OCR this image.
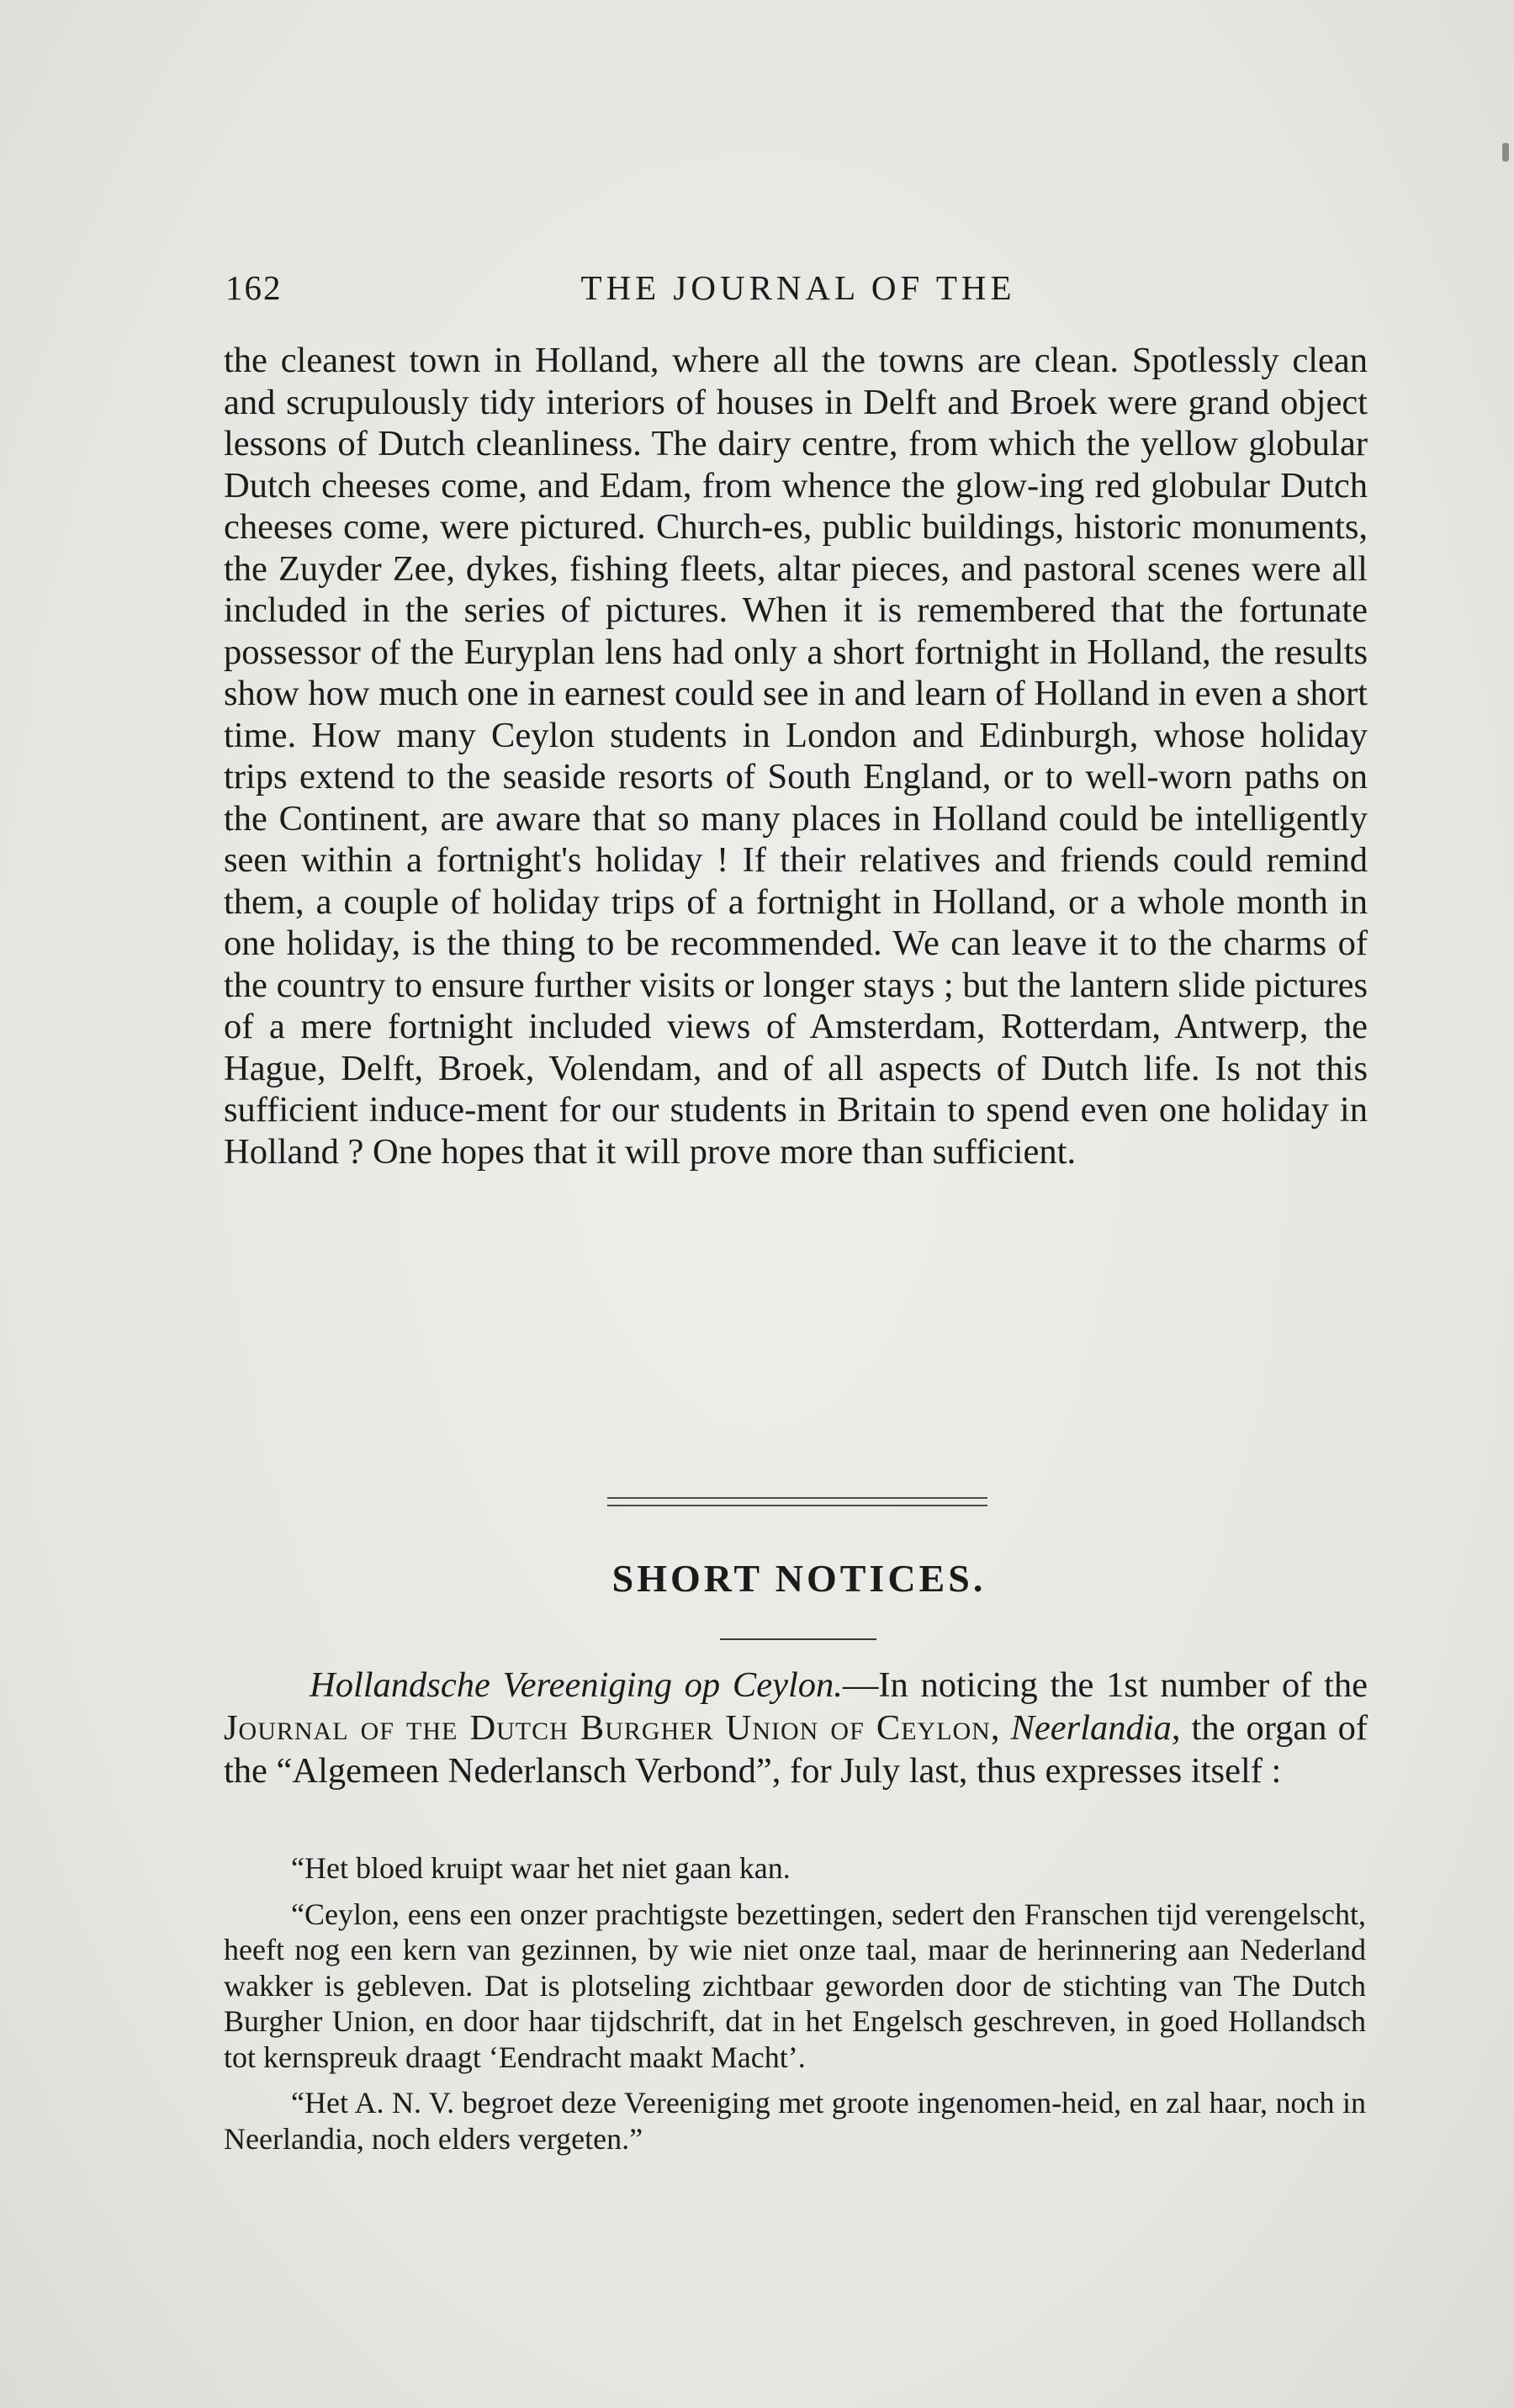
162	THE JOURNAL OF THE

the cleanest town in Holland, where all the towns are clean. Spotlessly clean and scrupulously tidy interiors of houses in Delft and Broek were grand object lessons of Dutch cleanliness. The dairy centre, from which the yellow globular Dutch cheeses come, and Edam, from whence the glow-ing red globular Dutch cheeses come, were pictured. Church-es, public buildings, historic monuments, the Zuyder Zee, dykes, fishing fleets, altar pieces, and pastoral scenes were all included in the series of pictures. When it is remembered that the fortunate possessor of the Euryplan lens had only a short fortnight in Holland, the results show how much one in earnest could see in and learn of Holland in even a short time. How many Ceylon students in London and Edinburgh, whose holiday trips extend to the seaside resorts of South England, or to well-worn paths on the Continent, are aware that so many places in Holland could be intelligently seen within a fortnight's holiday ! If their relatives and friends could remind them, a couple of holiday trips of a fortnight in Holland, or a whole month in one holiday, is the thing to be recommended. We can leave it to the charms of the country to ensure further visits or longer stays ; but the lantern slide pictures of a mere fortnight included views of Amsterdam, Rotterdam, Antwerp, the Hague, Delft, Broek, Volendam, and of all aspects of Dutch life. Is not this sufficient induce-ment for our students in Britain to spend even one holiday in Holland ? One hopes that it will prove more than sufficient.

SHORT NOTICES.

Hollandsche Vereeniging op Ceylon.—In noticing the 1st number of the Journal of the Dutch Burgher Union of Ceylon, Neerlandia, the organ of the “Algemeen Nederlansch Verbond”, for July last, thus expresses itself :

“Het bloed kruipt waar het niet gaan kan.

“Ceylon, eens een onzer prachtigste bezettingen, sedert den Franschen tijd verengelscht, heeft nog een kern van gezinnen, by wie niet onze taal, maar de herinnering aan Nederland wakker is gebleven. Dat is plotseling zichtbaar geworden door de stichting van The Dutch Burgher Union, en door haar tijdschrift, dat in het Engelsch geschreven, in goed Hollandsch tot kernspreuk draagt ‘Eendracht maakt Macht’.

“Het A. N. V. begroet deze Vereeniging met groote ingenomen-heid, en zal haar, noch in Neerlandia, noch elders vergeten.”
